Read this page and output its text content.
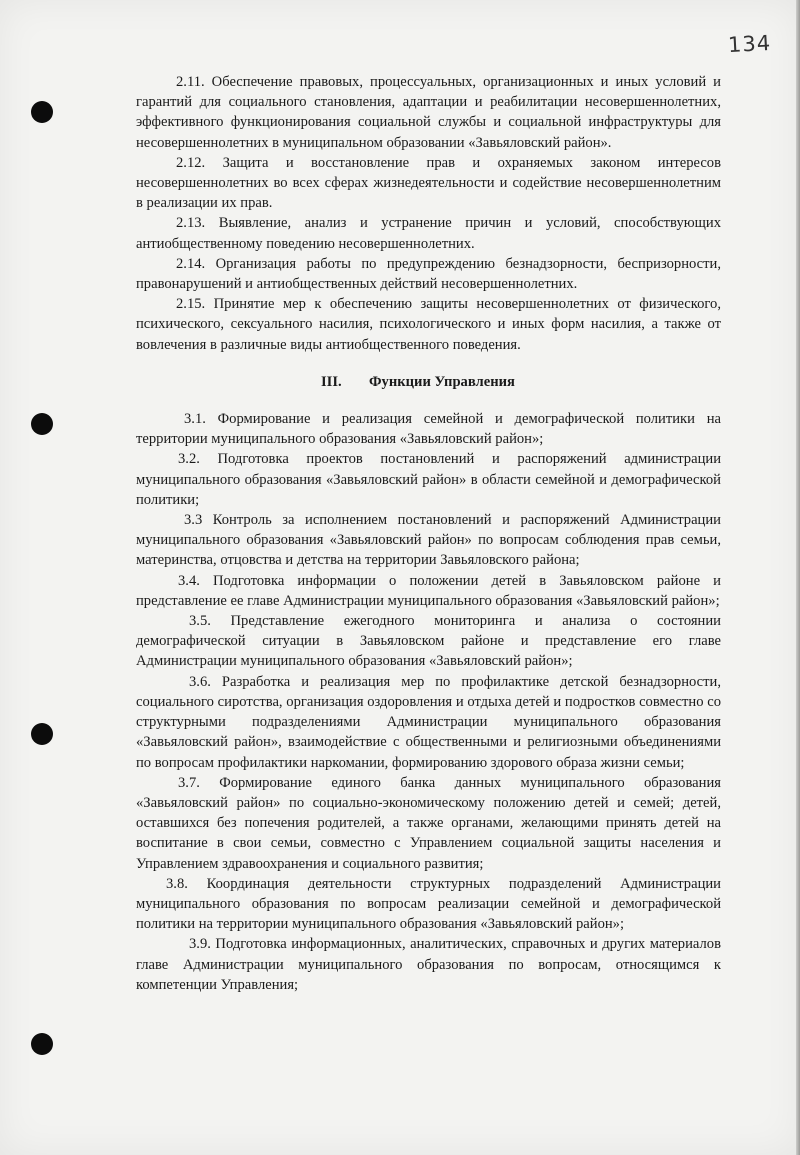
134

2.11. Обеспечение правовых, процессуальных, организационных и иных условий и гарантий для социального становления, адаптации и реабилитации несовершеннолетних, эффективного функционирования социальной службы и социальной инфраструктуры для несовершеннолетних в муниципальном образовании «Завьяловский район».

2.12. Защита и восстановление прав и охраняемых законом интересов несовершеннолетних во всех сферах жизнедеятельности и содействие несовершеннолетним в реализации их прав.

2.13. Выявление, анализ и устранение причин и условий, способствующих антиобщественному поведению несовершеннолетних.

2.14. Организация работы по предупреждению безнадзорности, беспризорности, правонарушений и антиобщественных действий несовершеннолетних.

2.15. Принятие мер к обеспечению защиты несовершеннолетних от физического, психического, сексуального насилия, психологического и иных форм насилия, а также от вовлечения в различные виды антиобщественного поведения.

III. Функции Управления

3.1. Формирование и реализация семейной и демографической политики на территории муниципального образования «Завьяловский район»;

3.2. Подготовка проектов постановлений и распоряжений администрации муниципального образования «Завьяловский район» в области семейной и демографической политики;

3.3 Контроль за исполнением постановлений и распоряжений Администрации муниципального образования «Завьяловский район» по вопросам соблюдения прав семьи, материнства, отцовства и детства на территории Завьяловского района;

3.4. Подготовка информации о положении детей в Завьяловском районе и представление ее главе Администрации муниципального образования «Завьяловский район»;

3.5. Представление ежегодного мониторинга и анализа о состоянии демографической ситуации в Завьяловском районе и представление его главе Администрации муниципального образования «Завьяловский район»;

3.6. Разработка и реализация мер по профилактике детской безнадзорности, социального сиротства, организация оздоровления и отдыха детей и подростков совместно со структурными подразделениями Администрации муниципального образования «Завьяловский район», взаимодействие с общественными и религиозными объединениями по вопросам профилактики наркомании, формированию здорового образа жизни семьи;

3.7. Формирование единого банка данных муниципального образования «Завьяловский район» по социально-экономическому положению детей и семей; детей, оставшихся без попечения родителей, а также органами, желающими принять детей на воспитание в свои семьи, совместно с Управлением социальной защиты населения и Управлением здравоохранения и социального развития;

3.8. Координация деятельности структурных подразделений Администрации муниципального образования по вопросам реализации семейной и демографической политики на территории муниципального образования «Завьяловский район»;

3.9. Подготовка информационных, аналитических, справочных и других материалов главе Администрации муниципального образования по вопросам, относящимся к компетенции Управления;
